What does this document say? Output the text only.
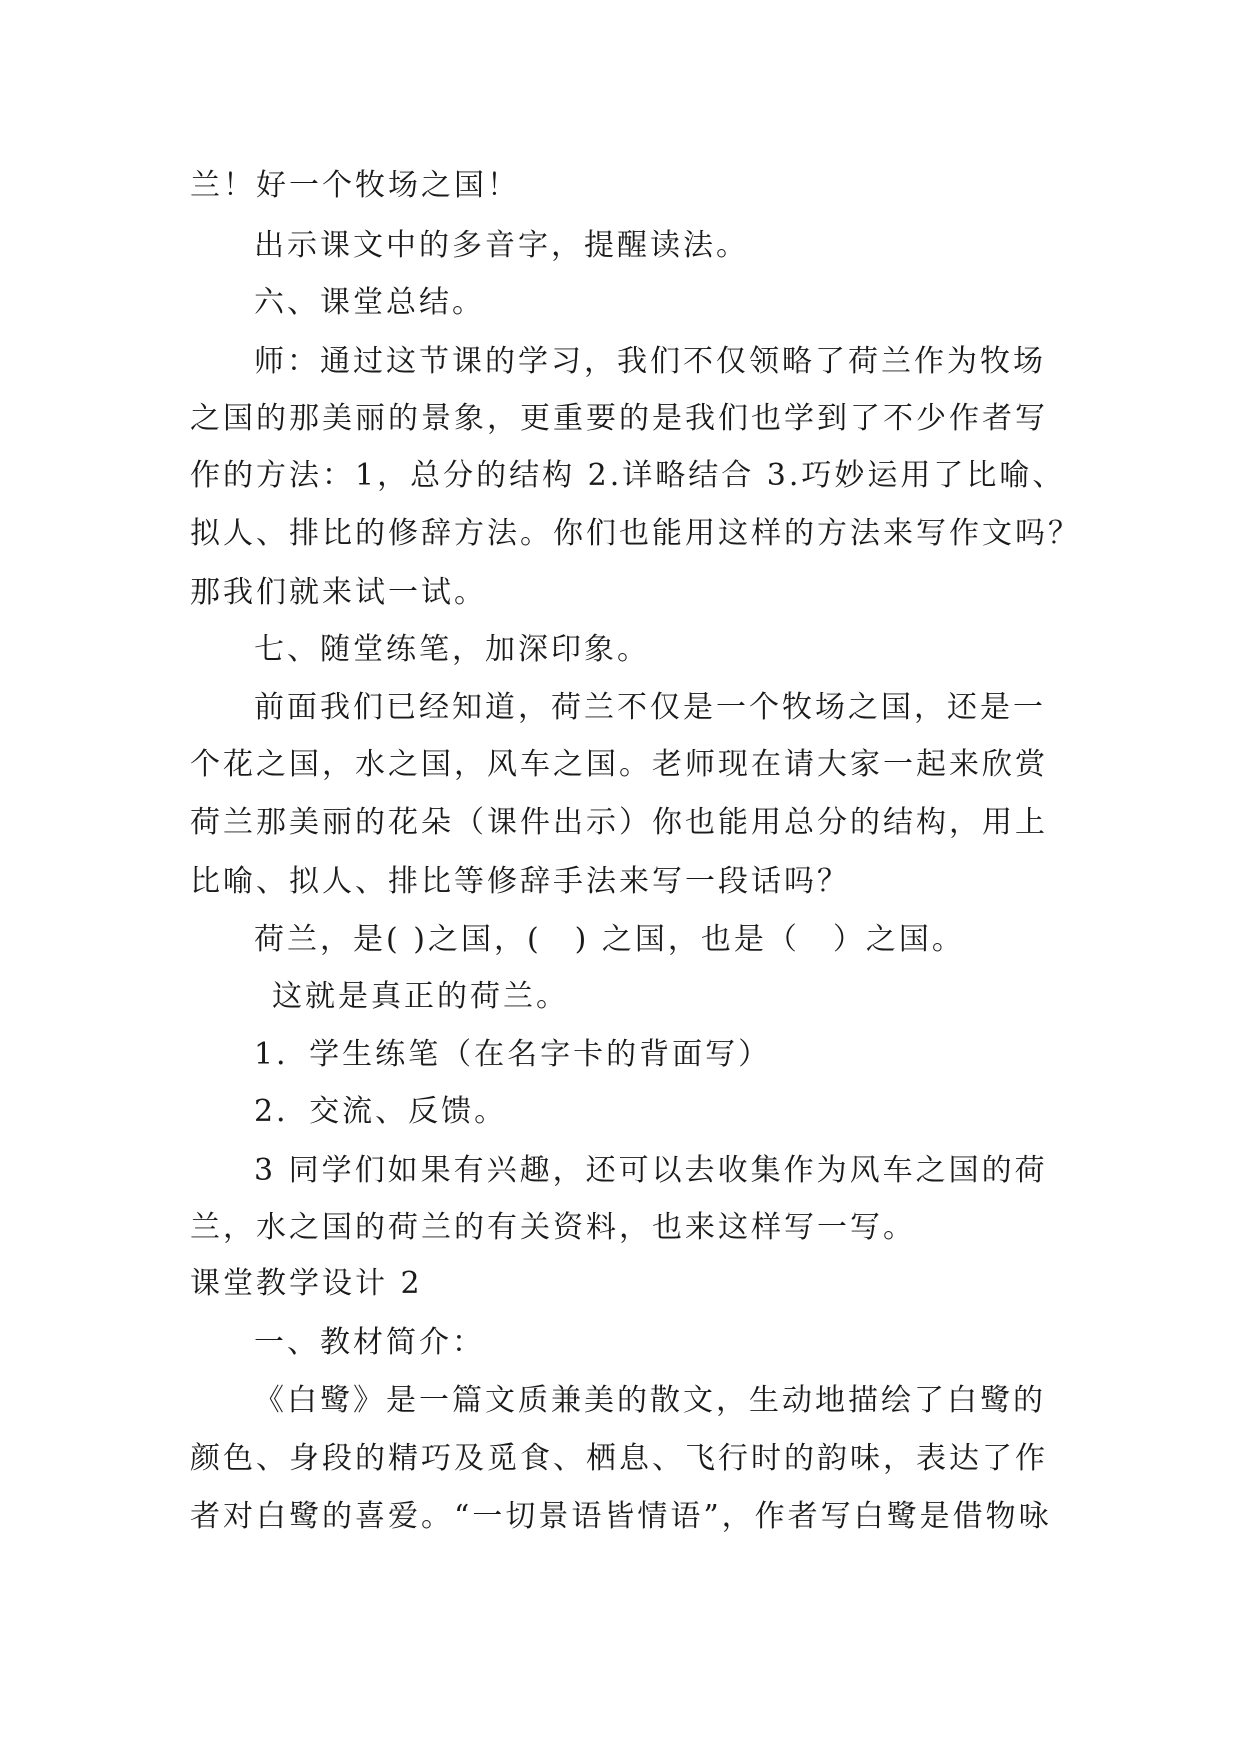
兰！好一个牧场之国！
出示课文中的多音字，提醒读法。
六、课堂总结。
师：通过这节课的学习，我们不仅领略了荷兰作为牧场
之国的那美丽的景象，更重要的是我们也学到了不少作者写
作的方法：1，总分的结构 2.详略结合 3.巧妙运用了比喻、
拟人、排比的修辞方法。你们也能用这样的方法来写作文吗？
那我们就来试一试。
七、随堂练笔，加深印象。
前面我们已经知道，荷兰不仅是一个牧场之国，还是一
个花之国，水之国，风车之国。老师现在请大家一起来欣赏
荷兰那美丽的花朵（课件出示）你也能用总分的结构，用上
比喻、拟人、排比等修辞手法来写一段话吗？
荷兰，是( )之国，(　) 之国，也是（　）之国。
这就是真正的荷兰。
1．学生练笔（在名字卡的背面写）
2．交流、反馈。
3 同学们如果有兴趣，还可以去收集作为风车之国的荷
兰，水之国的荷兰的有关资料，也来这样写一写。
课堂教学设计 2
一、教材简介：
《白鹭》是一篇文质兼美的散文，生动地描绘了白鹭的
颜色、身段的精巧及觅食、栖息、飞行时的韵味，表达了作
者对白鹭的喜爱。“一切景语皆情语”，作者写白鹭是借物咏
